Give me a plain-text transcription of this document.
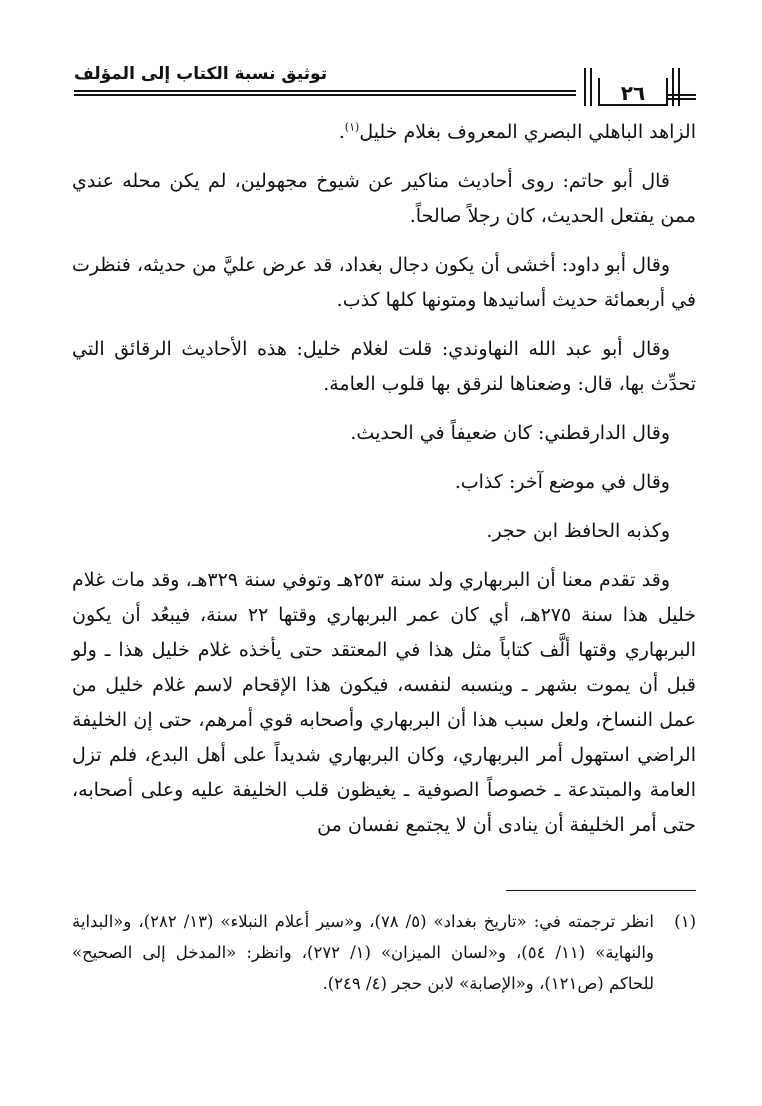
توثيق نسبة الكتاب إلى المؤلف
٢٦

الزاهد الباهلي البصري المعروف بغلام خليل$^{(١)}$.

قال أبو حاتم: روى أحاديث مناكير عن شيوخ مجهولين، لم يكن محله عندي ممن يفتعل الحديث، كان رجلاً صالحاً.

وقال أبو داود: أخشى أن يكون دجال بغداد، قد عرض عليَّ من حديثه، فنظرت في أربعمائة حديث أسانيدها ومتونها كلها كذب.

وقال أبو عبد الله النهاوندي: قلت لغلام خليل: هذه الأحاديث الرقائق التي تحدِّث بها، قال: وضعناها لنرقق بها قلوب العامة.

وقال الدارقطني: كان ضعيفاً في الحديث.

وقال في موضع آخر: كذاب.

وكذبه الحافظ ابن حجر.

وقد تقدم معنا أن البربهاري ولد سنة ٢٥٣هـ وتوفي سنة ٣٢٩هـ، وقد مات غلام خليل هذا سنة ٢٧٥هـ، أي كان عمر البربهاري وقتها ٢٢ سنة، فيبعُد أن يكون البربهاري وقتها ألَّف كتاباً مثل هذا في المعتقد حتى يأخذه غلام خليل هذا ـ ولو قبل أن يموت بشهر ـ وينسبه لنفسه، فيكون هذا الإقحام لاسم غلام خليل من عمل النساخ، ولعل سبب هذا أن البربهاري وأصحابه قوي أمرهم، حتى إن الخليفة الراضي استهول أمر البربهاري، وكان البربهاري شديداً على أهل البدع، فلم تزل العامة والمبتدعة ـ خصوصاً الصوفية ـ يغيظون قلب الخليفة عليه وعلى أصحابه، حتى أمر الخليفة أن ينادى أن لا يجتمع نفسان من

(١)
انظر ترجمته في: «تاريخ بغداد» (٥/ ٧٨)، و«سير أعلام النبلاء» (١٣/ ٢٨٢)، و«البداية والنهاية» (١١/ ٥٤)، و«لسان الميزان» (١/ ٢٧٢)، وانظر: «المدخل إلى الصحيح» للحاكم (ص١٢١)، و«الإصابة» لابن حجر (٤/ ٢٤٩).
